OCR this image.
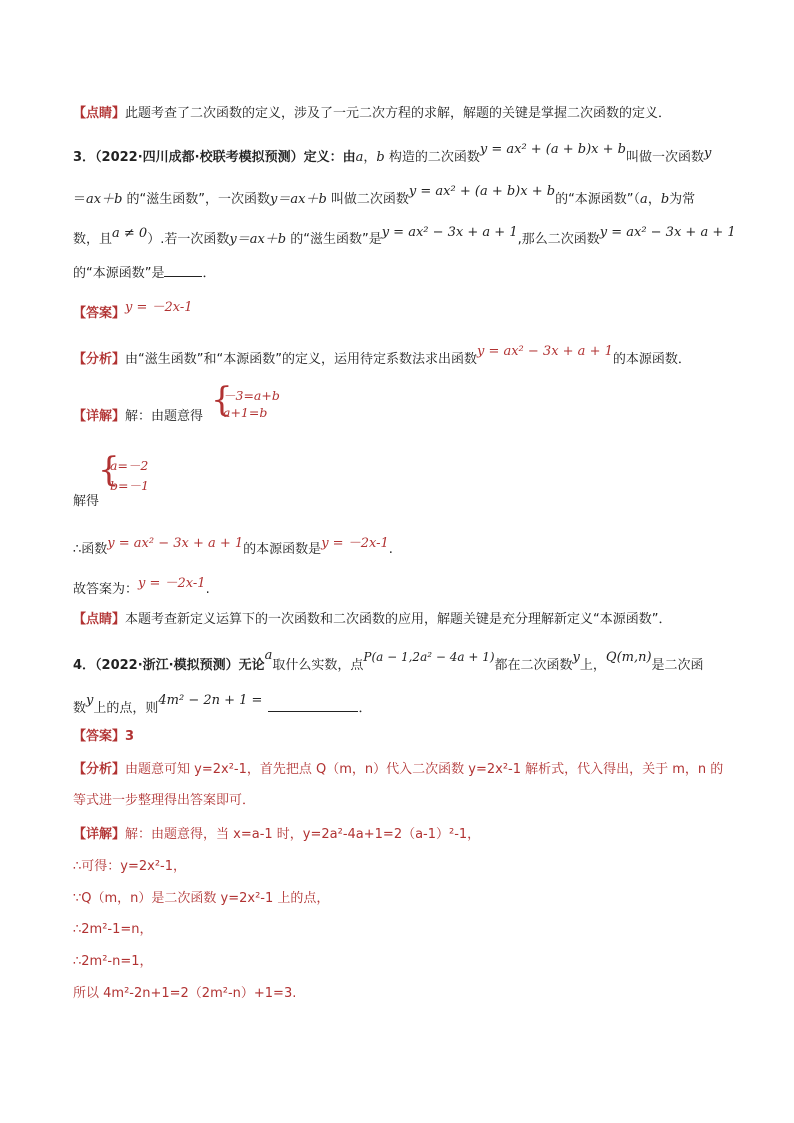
【点睛】此题考查了二次函数的定义，涉及了一元二次方程的求解，解题的关键是掌握二次函数的定义．
3．（2022·四川成都·校联考模拟预测）定义：由a，b 构造的二次函数y = ax² + (a + b)x + b叫做一次函数y
＝ax＋b 的“滋生函数”，一次函数y＝ax＋b 叫做二次函数y = ax² + (a + b)x + b的“本源函数”（a，b为常
数，且a ≠ 0）.若一次函数y＝ax＋b 的“滋生函数”是y = ax² − 3x + a + 1,那么二次函数y = ax² − 3x + a + 1
的“本源函数”是	．
【答案】y = －2x-1
【分析】由“滋生函数”和“本源函数”的定义，运用待定系数法求出函数y = ax² − 3x + a + 1的本源函数．
【详解】解：由题意得 {
－3=a+b
a+1=b
{
a=－2
b=－1
解得
∴函数y = ax² − 3x + a + 1的本源函数是y = －2x-1.
故答案为：y = －2x-1.
【点睛】本题考查新定义运算下的一次函数和二次函数的应用，解题关键是充分理解新定义“本源函数”．
4．（2022·浙江·模拟预测）无论a取什么实数，点P(a − 1,2a² − 4a + 1)都在二次函数y上，Q(m,n)是二次函
数y上的点，则4m² − 2n + 1 =．
【答案】3
【分析】由题意可知 y=2x²-1，首先把点 Q（m，n）代入二次函数 y=2x²-1 解析式，代入得出，关于 m，n 的
等式进一步整理得出答案即可．
【详解】解：由题意得，当 x=a-1 时，y=2a²-4a+1=2（a-1）²-1，
∴可得：y=2x²-1，
∵Q（m，n）是二次函数 y=2x²-1 上的点，
∴2m²-1=n，
∴2m²-n=1，
所以 4m²-2n+1=2（2m²-n）+1=3.
